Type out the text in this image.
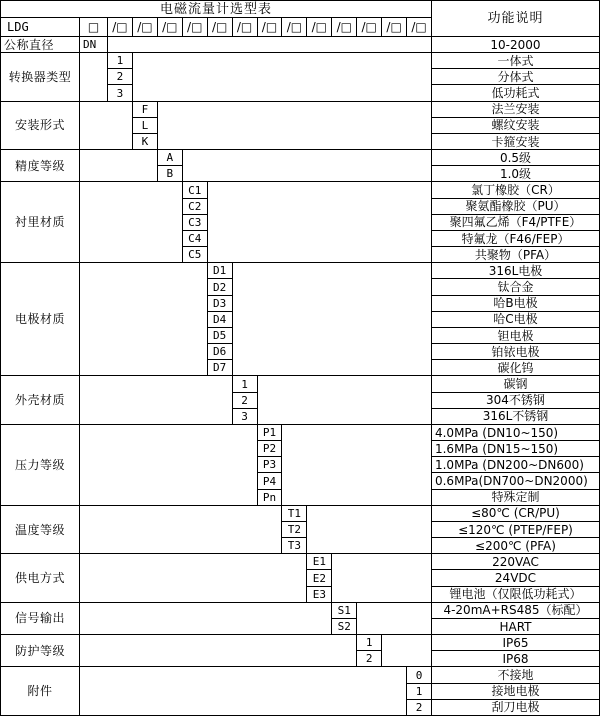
电磁流量计选型表
功能说明
LDG	□	/□ /□ /□ /□ /□ /□ /□ /□ /□ /□ /□ /□ /□
公称直径	DN	10-2000
转换器类型
1	一体式
2	分体式
3	低功耗式
安装形式
F	法兰安装
L	螺纹安装
K	卡箍安装
精度等级
A	0.5级
B	1.0级
衬里材质
C1	氯丁橡胶（CR）
C2	聚氨酯橡胶（PU）
C3	聚四氟乙烯（F4/PTFE）
C4	特氟龙（F46/FEP）
C5	共聚物（PFA）
电极材质
D1	316L电极
D2	钛合金
D3	哈B电极
D4	哈C电极
D5	钽电极
D6	铂铱电极
D7	碳化钨
外壳材质
1	碳钢
2	304不锈钢
3	316L不锈钢
压力等级
P1	4.0MPa (DN10~150)
P2	1.6MPa (DN15~150)
P3	1.0MPa (DN200~DN600)
P4	0.6MPa(DN700~DN2000)
Pn	特殊定制
温度等级
T1	≤80℃ (CR/PU)
T2	≤120℃ (PTEP/FEP)
T3	≤200℃ (PFA)
供电方式
E1	220VAC
E2	24VDC
E3	锂电池（仅限低功耗式）
信号输出
S1	4-20mA+RS485（标配）
S2	HART
防护等级
1	IP65
2	IP68
附件
0	不接地
1	接地电极
2	刮刀电极
